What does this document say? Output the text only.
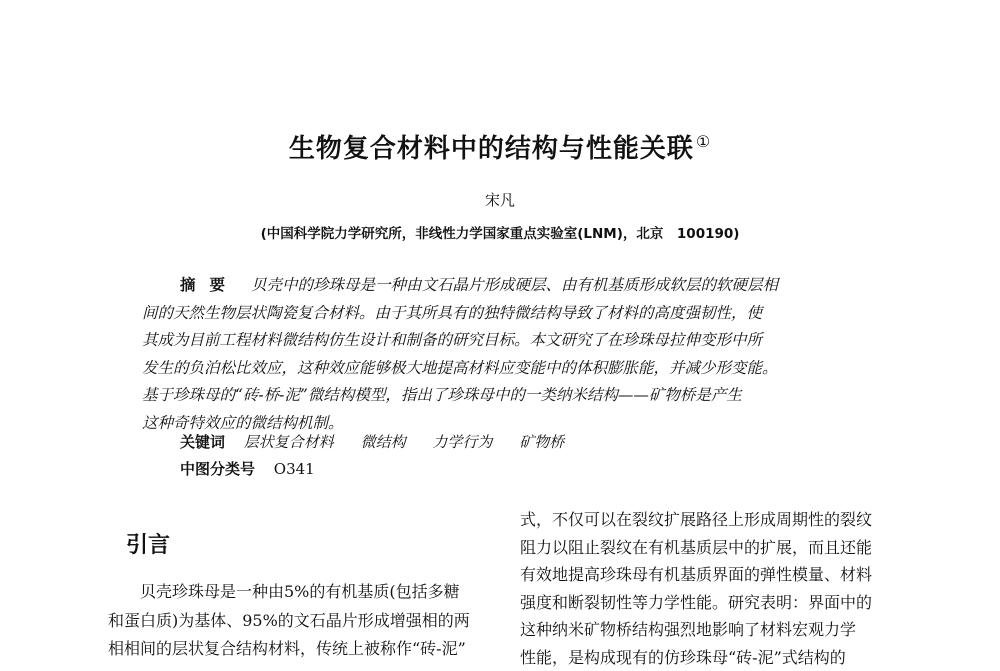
生物复合材料中的结构与性能关联 ①
宋凡
(中国科学院力学研究所，非线性力学国家重点实验室(LNM)，北京　100190)
摘要 贝壳中的珍珠母是一种由文石晶片形成硬层、由有机基质形成软层的软硬层相
间的天然生物层状陶瓷复合材料。由于其所具有的独特微结构导致了材料的高度强韧性，使
其成为目前工程材料微结构仿生设计和制备的研究目标。本文研究了在珍珠母拉伸变形中所
发生的负泊松比效应，这种效应能够极大地提高材料应变能中的体积膨胀能，并减少形变能。
基于珍珠母的“砖-桥-泥”微结构模型，指出了珍珠母中的一类纳米结构——矿物桥是产生
这种奇特效应的微结构机制。
关键词 层状复合材料 微结构 力学行为 矿物桥
中图分类号 O341
引言
贝壳珍珠母是一种由5%的有机基质(包括多糖
和蛋白质)为基体、95%的文石晶片形成增强相的两
相相间的层状复合结构材料，传统上被称作“砖-泥”
式，不仅可以在裂纹扩展路径上形成周期性的裂纹
阻力以阻止裂纹在有机基质层中的扩展，而且还能
有效地提高珍珠母有机基质界面的弹性模量、材料
强度和断裂韧性等力学性能。研究表明：界面中的
这种纳米矿物桥结构强烈地影响了材料宏观力学
性能，是构成现有的仿珍珠母“砖-泥”式结构的
